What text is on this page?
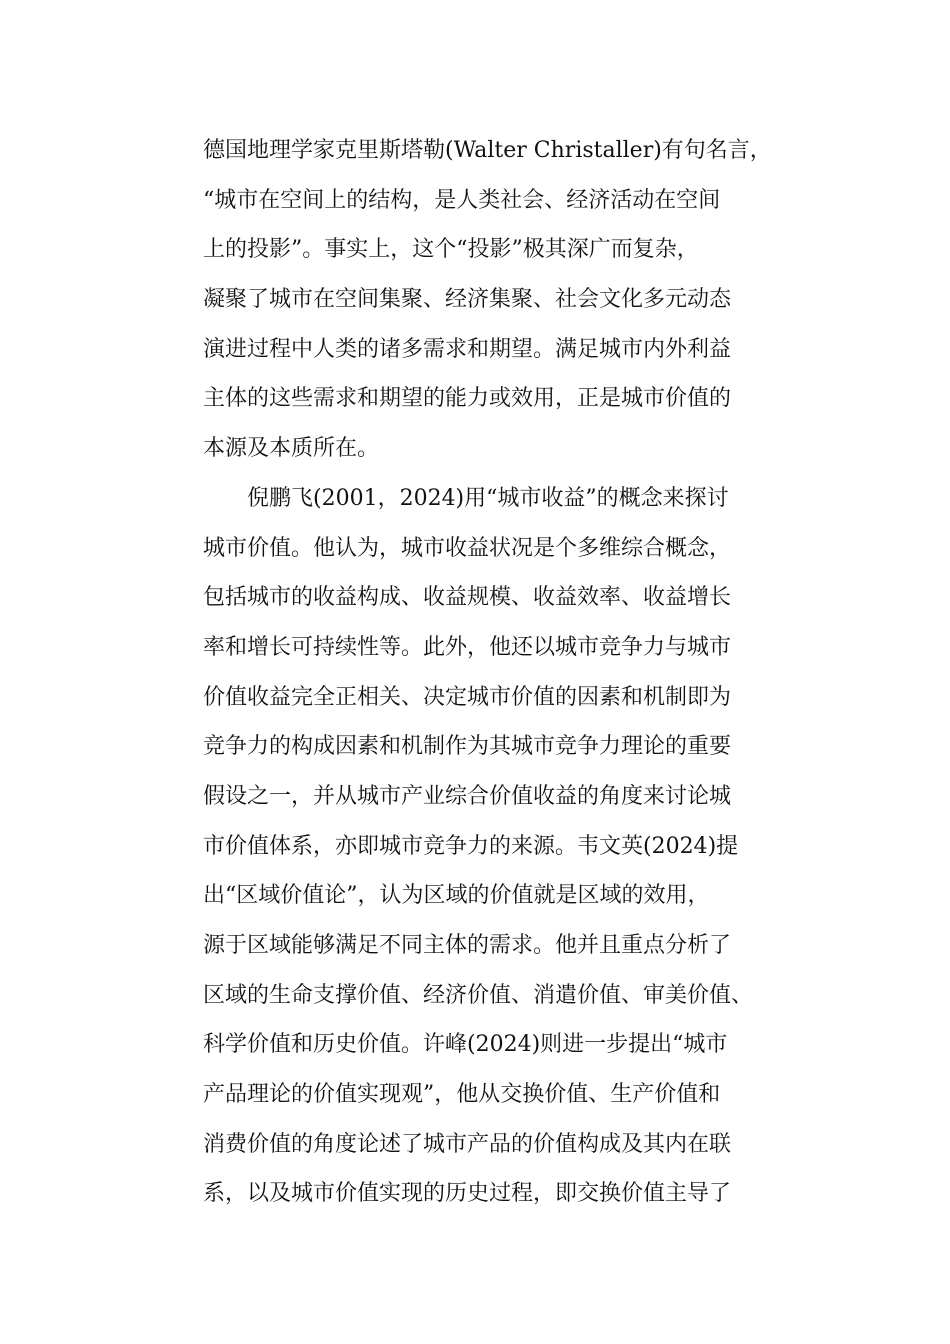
德国地理学家克里斯塔勒(Walter Christaller)有句名言，
“城市在空间上的结构，是人类社会、经济活动在空间
上的投影”。事实上，这个“投影”极其深广而复杂，
凝聚了城市在空间集聚、经济集聚、社会文化多元动态
演进过程中人类的诸多需求和期望。满足城市内外利益
主体的这些需求和期望的能力或效用，正是城市价值的
本源及本质所在。

倪鹏飞(2001，2024)用“城市收益”的概念来探讨
城市价值。他认为，城市收益状况是个多维综合概念，
包括城市的收益构成、收益规模、收益效率、收益增长
率和增长可持续性等。此外，他还以城市竞争力与城市
价值收益完全正相关、决定城市价值的因素和机制即为
竞争力的构成因素和机制作为其城市竞争力理论的重要
假设之一，并从城市产业综合价值收益的角度来讨论城
市价值体系，亦即城市竞争力的来源。韦文英(2024)提
出“区域价值论”，认为区域的价值就是区域的效用，
源于区域能够满足不同主体的需求。他并且重点分析了
区域的生命支撑价值、经济价值、消遣价值、审美价值、
科学价值和历史价值。许峰(2024)则进一步提出“城市
产品理论的价值实现观”，他从交换价值、生产价值和
消费价值的角度论述了城市产品的价值构成及其内在联
系，以及城市价值实现的历史过程，即交换价值主导了
